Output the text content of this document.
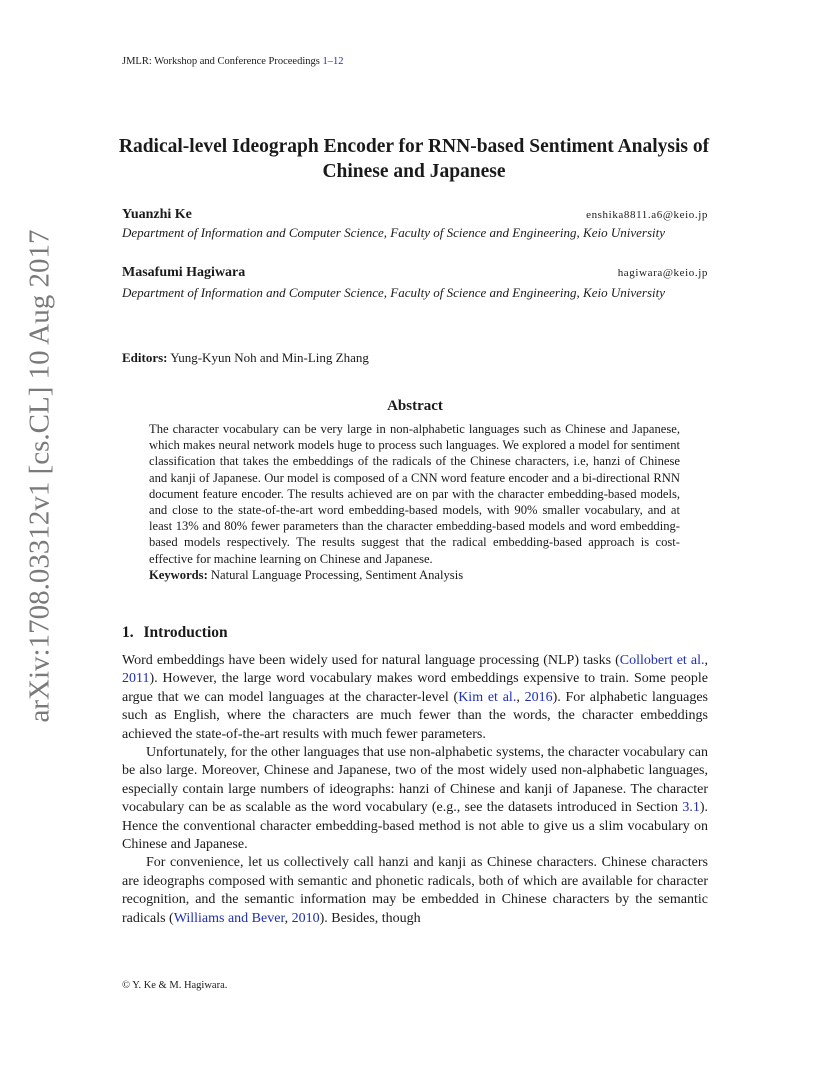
arXiv:1708.03312v1 [cs.CL] 10 Aug 2017
JMLR: Workshop and Conference Proceedings 1–12
Radical-level Ideograph Encoder for RNN-based Sentiment Analysis of Chinese and Japanese
Yuanzhi Ke	enshika8811.a6@keio.jp
Department of Information and Computer Science, Faculty of Science and Engineering, Keio University
Masafumi Hagiwara	hagiwara@keio.jp
Department of Information and Computer Science, Faculty of Science and Engineering, Keio University
Editors: Yung-Kyun Noh and Min-Ling Zhang
Abstract

The character vocabulary can be very large in non-alphabetic languages such as Chinese and Japanese, which makes neural network models huge to process such languages. We explored a model for sentiment classification that takes the embeddings of the radicals of the Chinese characters, i.e, hanzi of Chinese and kanji of Japanese. Our model is composed of a CNN word feature encoder and a bi-directional RNN document feature encoder. The results achieved are on par with the character embedding-based models, and close to the state-of-the-art word embedding-based models, with 90% smaller vocabulary, and at least 13% and 80% fewer parameters than the character embedding-based models and word embedding-based models respectively. The results suggest that the radical embedding-based approach is cost-effective for machine learning on Chinese and Japanese.

Keywords: Natural Language Processing, Sentiment Analysis

1. Introduction

Word embeddings have been widely used for natural language processing (NLP) tasks (Collobert et al., 2011). However, the large word vocabulary makes word embeddings expensive to train. Some people argue that we can model languages at the character-level (Kim et al., 2016). For alphabetic languages such as English, where the characters are much fewer than the words, the character embeddings achieved the state-of-the-art results with much fewer parameters.

Unfortunately, for the other languages that use non-alphabetic systems, the character vocabulary can be also large. Moreover, Chinese and Japanese, two of the most widely used non-alphabetic languages, especially contain large numbers of ideographs: hanzi of Chinese and kanji of Japanese. The character vocabulary can be as scalable as the word vocabulary (e.g., see the datasets introduced in Section 3.1). Hence the conventional character embedding-based method is not able to give us a slim vocabulary on Chinese and Japanese.

For convenience, let us collectively call hanzi and kanji as Chinese characters. Chinese characters are ideographs composed with semantic and phonetic radicals, both of which are available for character recognition, and the semantic information may be embedded in Chinese characters by the semantic radicals (Williams and Bever, 2010). Besides, though

© Y. Ke & M. Hagiwara.
